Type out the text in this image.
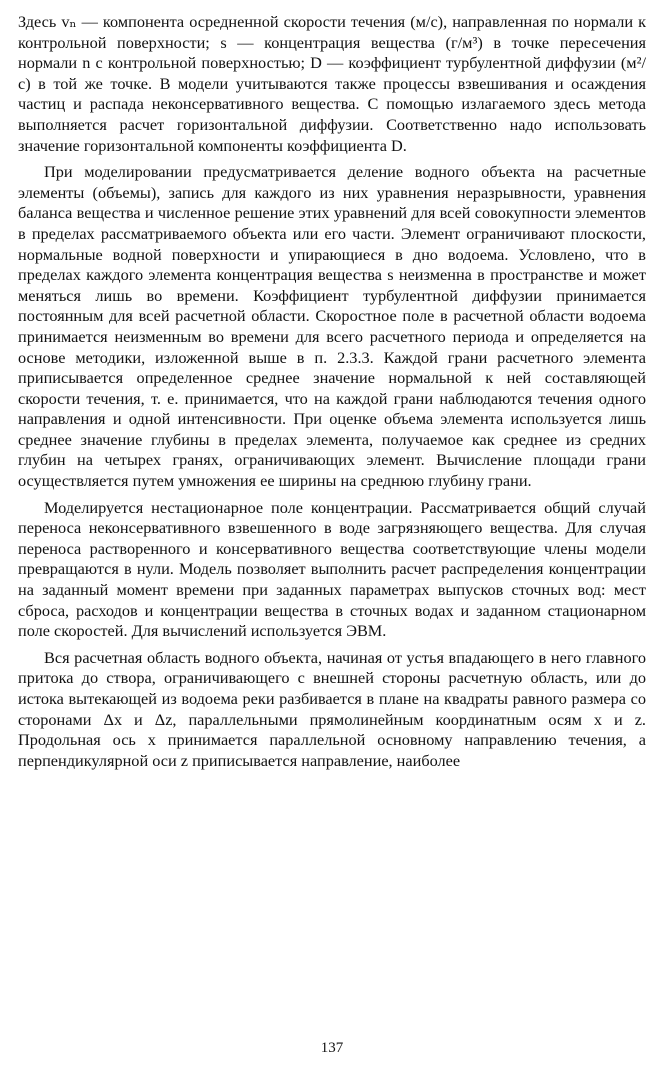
Здесь vₙ — компонента осредненной скорости течения (м/с), направленная по нормали к контрольной поверхности; s — концентрация вещества (г/м³) в точке пересечения нормали n с контрольной поверхностью; D — коэффициент турбулентной диффузии (м²/с) в той же точке. В модели учитываются также процессы взвешивания и осаждения частиц и распада неконсервативного вещества. С помощью излагаемого здесь метода выполняется расчет горизонтальной диффузии. Соответственно надо использовать значение горизонтальной компоненты коэффициента D.

При моделировании предусматривается деление водного объекта на расчетные элементы (объемы), запись для каждого из них уравнения неразрывности, уравнения баланса вещества и численное решение этих уравнений для всей совокупности элементов в пределах рассматриваемого объекта или его части. Элемент ограничивают плоскости, нормальные водной поверхности и упирающиеся в дно водоема. Условлено, что в пределах каждого элемента концентрация вещества s неизменна в пространстве и может меняться лишь во времени. Коэффициент турбулентной диффузии принимается постоянным для всей расчетной области. Скоростное поле в расчетной области водоема принимается неизменным во времени для всего расчетного периода и определяется на основе методики, изложенной выше в п. 2.3.3. Каждой грани расчетного элемента приписывается определенное среднее значение нормальной к ней составляющей скорости течения, т. е. принимается, что на каждой грани наблюдаются течения одного направления и одной интенсивности. При оценке объема элемента используется лишь среднее значение глубины в пределах элемента, получаемое как среднее из средних глубин на четырех гранях, ограничивающих элемент. Вычисление площади грани осуществляется путем умножения ее ширины на среднюю глубину грани.

Моделируется нестационарное поле концентрации. Рассматривается общий случай переноса неконсервативного взвешенного в воде загрязняющего вещества. Для случая переноса растворенного и консервативного вещества соответствующие члены модели превращаются в нули. Модель позволяет выполнить расчет распределения концентрации на заданный момент времени при заданных параметрах выпусков сточных вод: мест сброса, расходов и концентрации вещества в сточных водах и заданном стационарном поле скоростей. Для вычислений используется ЭВМ.

Вся расчетная область водного объекта, начиная от устья впадающего в него главного притока до створа, ограничивающего с внешней стороны расчетную область, или до истока вытекающей из водоема реки разбивается в плане на квадраты равного размера со сторонами Δx и Δz, параллельными прямолинейным координатным осям x и z. Продольная ось x принимается параллельной основному направлению течения, а перпендикулярной оси z приписывается направление, наиболее

137
